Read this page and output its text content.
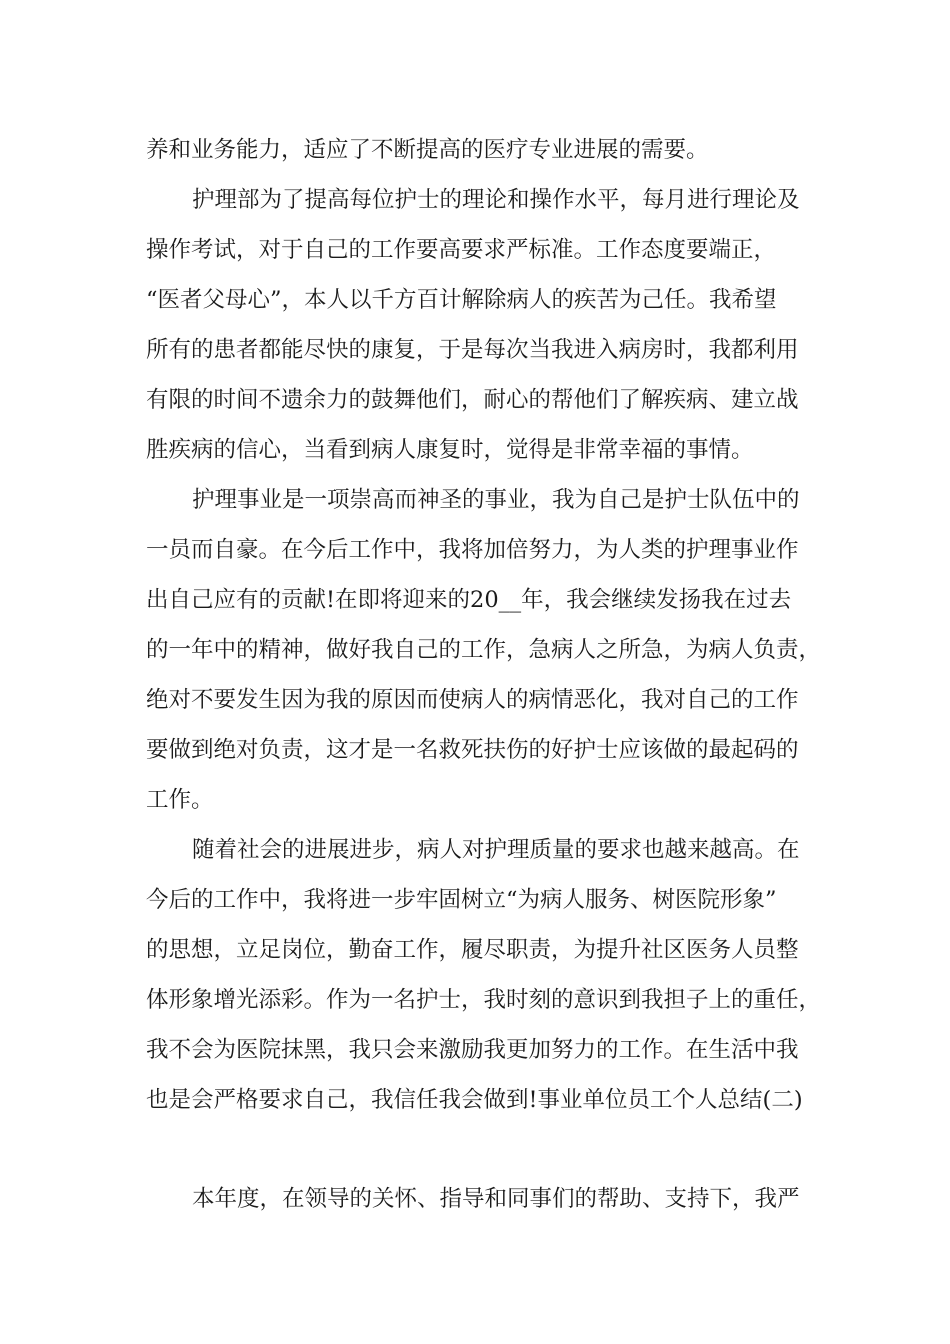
养和业务能力，适应了不断提高的医疗专业进展的需要。
护理部为了提高每位护士的理论和操作水平，每月进行理论及
操作考试，对于自己的工作要高要求严标准。工作态度要端正，
“医者父母心”，本人以千方百计解除病人的疾苦为己任。我希望
所有的患者都能尽快的康复，于是每次当我进入病房时，我都利用
有限的时间不遗余力的鼓舞他们，耐心的帮他们了解疾病、建立战
胜疾病的信心，当看到病人康复时，觉得是非常幸福的事情。
护理事业是一项崇高而神圣的事业，我为自己是护士队伍中的
一员而自豪。在今后工作中，我将加倍努力，为人类的护理事业作
出自己应有的贡献!在即将迎来的20__年，我会继续发扬我在过去
的一年中的精神，做好我自己的工作，急病人之所急，为病人负责，
绝对不要发生因为我的原因而使病人的病情恶化，我对自己的工作
要做到绝对负责，这才是一名救死扶伤的好护士应该做的最起码的
工作。
随着社会的进展进步，病人对护理质量的要求也越来越高。在
今后的工作中，我将进一步牢固树立“为病人服务、树医院形象”
的思想，立足岗位，勤奋工作，履尽职责，为提升社区医务人员整
体形象增光添彩。作为一名护士，我时刻的意识到我担子上的重任，
我不会为医院抹黑，我只会来激励我更加努力的工作。在生活中我
也是会严格要求自己，我信任我会做到!事业单位员工个人总结(二)
本年度，在领导的关怀、指导和同事们的帮助、支持下，我严
